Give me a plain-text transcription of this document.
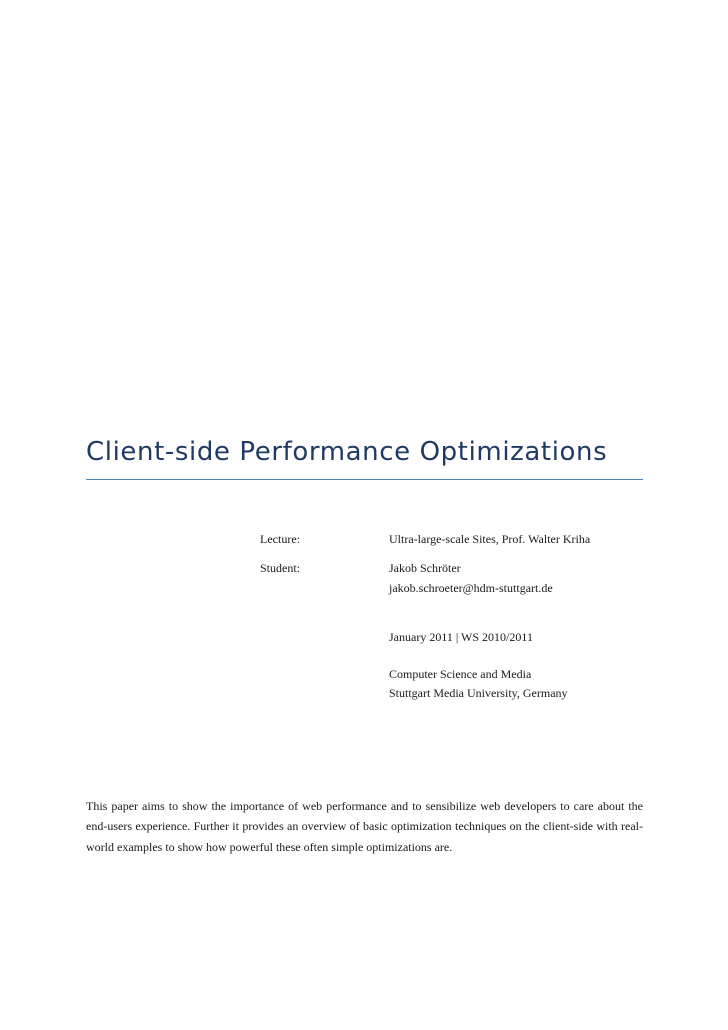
Client-side Performance Optimizations
Lecture:	Ultra-large-scale Sites, Prof. Walter Kriha
Student:	Jakob Schröter
jakob.schroeter@hdm-stuttgart.de
January 2011 | WS 2010/2011
Computer Science and Media
Stuttgart Media University, Germany

This paper aims to show the importance of web performance and to sensibilize web developers to care about the end-users experience. Further it provides an overview of basic optimization techniques on the client-side with real-world examples to show how powerful these often simple optimizations are.
